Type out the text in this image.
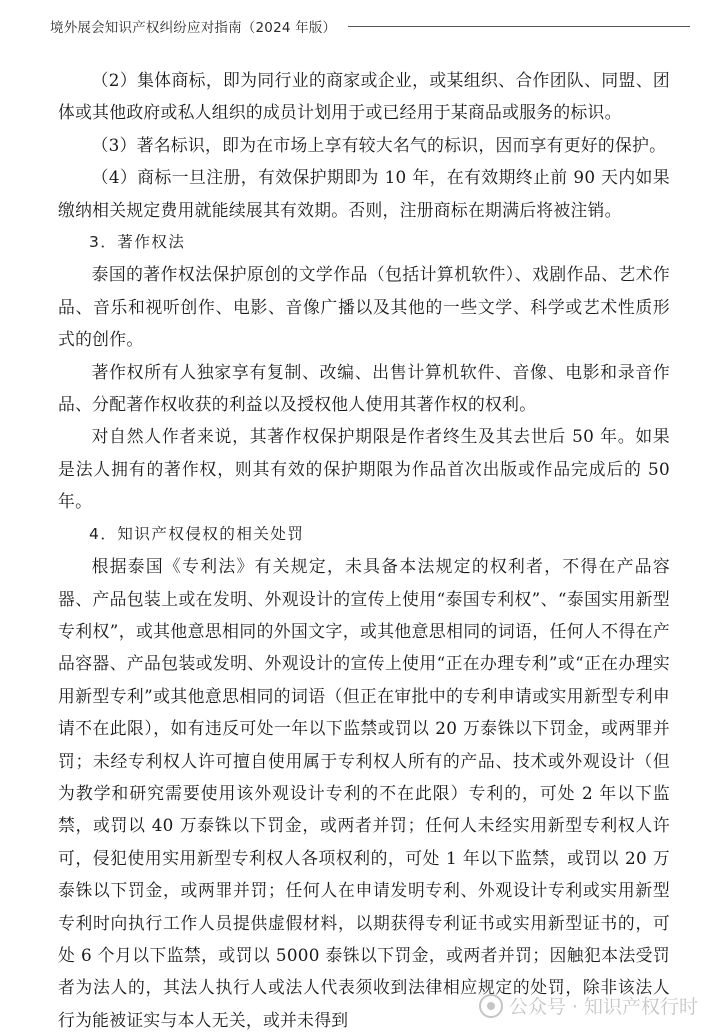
境外展会知识产权纠纷应对指南（2024 年版）

（2）集体商标，即为同行业的商家或企业，或某组织、合作团队、同盟、团体或其他政府或私人组织的成员计划用于或已经用于某商品或服务的标识。

（3）著名标识，即为在市场上享有较大名气的标识，因而享有更好的保护。

（4）商标一旦注册，有效保护期即为 10 年，在有效期终止前 90 天内如果缴纳相关规定费用就能续展其有效期。否则，注册商标在期满后将被注销。

3．著作权法

泰国的著作权法保护原创的文学作品（包括计算机软件）、戏剧作品、艺术作品、音乐和视听创作、电影、音像广播以及其他的一些文学、科学或艺术性质形式的创作。

著作权所有人独家享有复制、改编、出售计算机软件、音像、电影和录音作品、分配著作权收获的利益以及授权他人使用其著作权的权利。

对自然人作者来说，其著作权保护期限是作者终生及其去世后 50 年。如果是法人拥有的著作权，则其有效的保护期限为作品首次出版或作品完成后的 50 年。

4．知识产权侵权的相关处罚

根据泰国《专利法》有关规定，未具备本法规定的权利者，不得在产品容器、产品包装上或在发明、外观设计的宣传上使用“泰国专利权”、“泰国实用新型专利权”，或其他意思相同的外国文字，或其他意思相同的词语，任何人不得在产品容器、产品包装或发明、外观设计的宣传上使用“正在办理专利”或“正在办理实用新型专利”或其他意思相同的词语（但正在审批中的专利申请或实用新型专利申请不在此限），如有违反可处一年以下监禁或罚以 20 万泰铢以下罚金，或两罪并罚；未经专利权人许可擅自使用属于专利权人所有的产品、技术或外观设计（但为教学和研究需要使用该外观设计专利的不在此限）专利的，可处 2 年以下监禁，或罚以 40 万泰铢以下罚金，或两者并罚；任何人未经实用新型专利权人许可，侵犯使用实用新型专利权人各项权利的，可处 1 年以下监禁，或罚以 20 万泰铢以下罚金，或两罪并罚；任何人在申请发明专利、外观设计专利或实用新型专利时向执行工作人员提供虚假材料，以期获得专利证书或实用新型证书的，可处 6 个月以下监禁，或罚以 5000 泰铢以下罚金，或两者并罚；因触犯本法受罚者为法人的，其法人执行人或法人代表须收到法律相应规定的处罚，除非该法人行为能被证实与本人无关，或并未得到

公众号 · 知识产权行时
